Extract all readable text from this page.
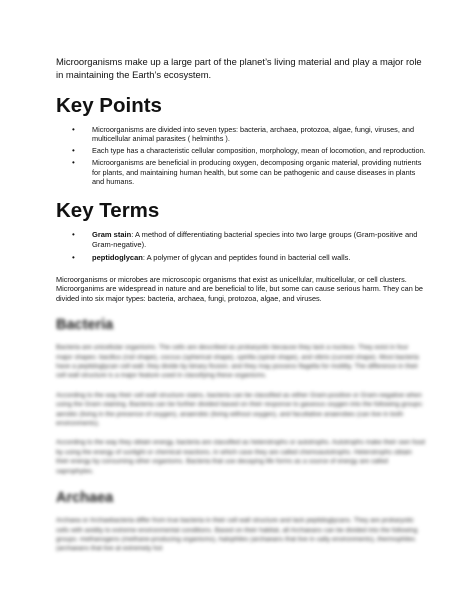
Microorganisms make up a large part of the planet’s living material and play a major role in maintaining the Earth’s ecosystem.

Key Points
• Microorganisms are divided into seven types: bacteria, archaea, protozoa, algae, fungi, viruses, and multicellular animal parasites ( helminths ).
• Each type has a characteristic cellular composition, morphology, mean of locomotion, and reproduction.
• Microorganisms are beneficial in producing oxygen, decomposing organic material, providing nutrients for plants, and maintaining human health, but some can be pathogenic and cause diseases in plants and humans.
Key Terms
• Gram stain: A method of differentiating bacterial species into two large groups (Gram-positive and Gram-negative).
• peptidoglycan: A polymer of glycan and peptides found in bacterial cell walls.

Microorganisms or microbes are microscopic organisms that exist as unicellular, multicellular, or cell clusters. Microorganims are widespread in nature and are beneficial to life, but some can cause serious harm. They can be divided into six major types: bacteria, archaea, fungi, protozoa, algae, and viruses.

Bacteria

Bacteria are unicellular organisms. The cells are described as prokaryotic because they lack a nucleus. They exist in four major shapes: bacillus (rod shape), coccus (spherical shape), spirilla (spiral shape), and vibrio (curved shape). Most bacteria have a peptidoglycan cell wall; they divide by binary fission; and they may possess flagella for motility. The difference in their cell wall structure is a major feature used in classifying these organisms.

According to the way their cell wall structure stains, bacteria can be classified as either Gram-positive or Gram-negative when using the Gram staining. Bacteria can be further divided based on their response to gaseous oxygen into the following groups: aerobic (living in the presence of oxygen), anaerobic (living without oxygen), and facultative anaerobes (can live in both environments).

According to the way they obtain energy, bacteria are classified as heterotrophs or autotrophs. Autotrophs make their own food by using the energy of sunlight or chemical reactions, in which case they are called chemoautotrophs. Heterotrophs obtain their energy by consuming other organisms. Bacteria that use decaying life forms as a source of energy are called saprophytes.

Archaea

Archaea or Archaebacteria differ from true bacteria in their cell wall structure and lack peptidoglycans. They are prokaryotic cells with avidity to extreme environmental conditions. Based on their habitat, all Archaeans can be divided into the following groups: methanogens (methane-producing organisms), halophiles (archaeans that live in salty environments), thermophiles (archaeans that live at extremely hot
